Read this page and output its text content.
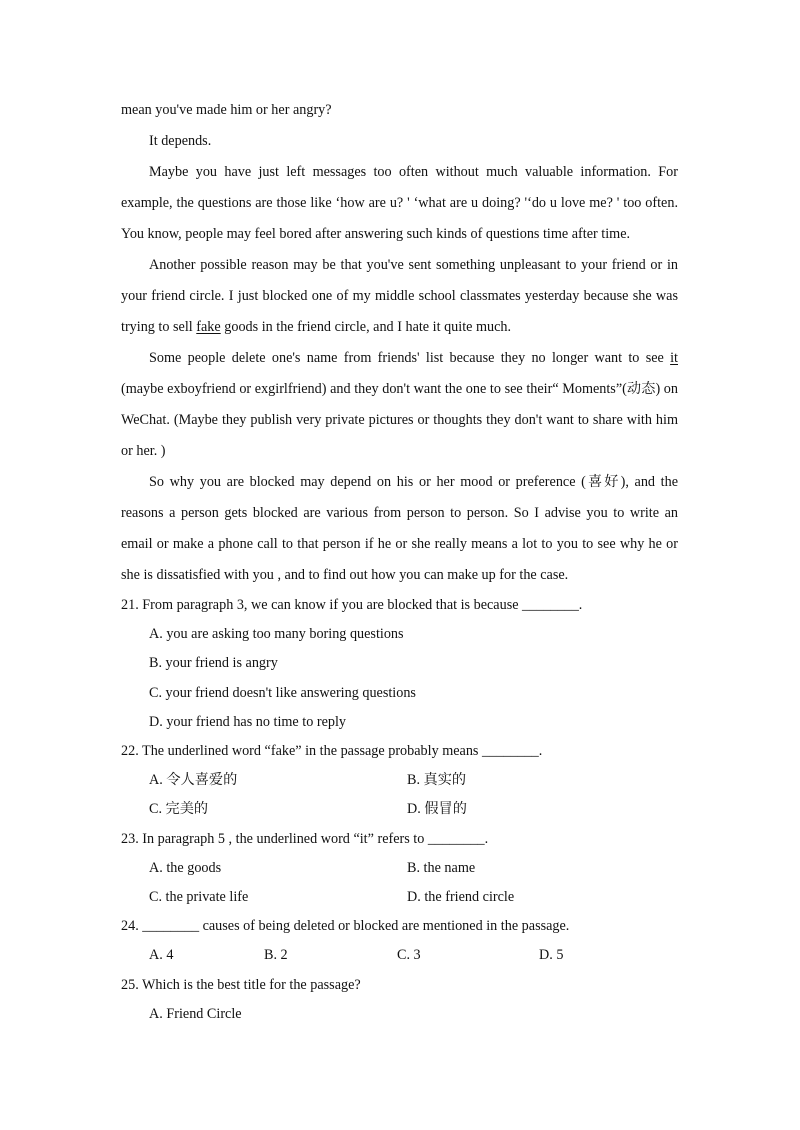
mean you've made him or her angry?

It depends.

Maybe you have just left messages too often without much valuable information. For example, the questions are those like ‘how are u? ' ‘what are u doing? '‘do u love me? ' too often. You know, people may feel bored after answering such kinds of questions time after time.

Another possible reason may be that you've sent something unpleasant to your friend or in your friend circle. I just blocked one of my middle school classmates yesterday because she was trying to sell fake goods in the friend circle, and I hate it quite much.

Some people delete one's name from friends' list because they no longer want to see it (maybe exboyfriend or exgirlfriend) and they don't want the one to see their“ Moments”(动态) on WeChat. (Maybe they publish very private pictures or thoughts they don't want to share with him or her. )

So why you are blocked may depend on his or her mood or preference (喜好), and the reasons a person gets blocked are various from person to person. So I advise you to write an email or make a phone call to that person if he or she really means a lot to you to see why he or she is dissatisfied with you , and to find out how you can make up for the case.

21. From paragraph 3, we can know if you are blocked that is because ________.

A. you are asking too many boring questions
B. your friend is angry
C. your friend doesn't like answering questions
D. your friend has no time to reply

22. The underlined word “fake” in the passage probably means ________.

A. 令人喜爱的	B. 真实的
C. 完美的	D. 假冒的

23. In paragraph 5 , the underlined word “it” refers to ________.

A. the goods	B. the name
C. the private life	D. the friend circle

24. ________ causes of being deleted or blocked are mentioned in the passage.

A. 4	B. 2	C. 3	D. 5

25. Which is the best title for the passage?

A. Friend Circle
